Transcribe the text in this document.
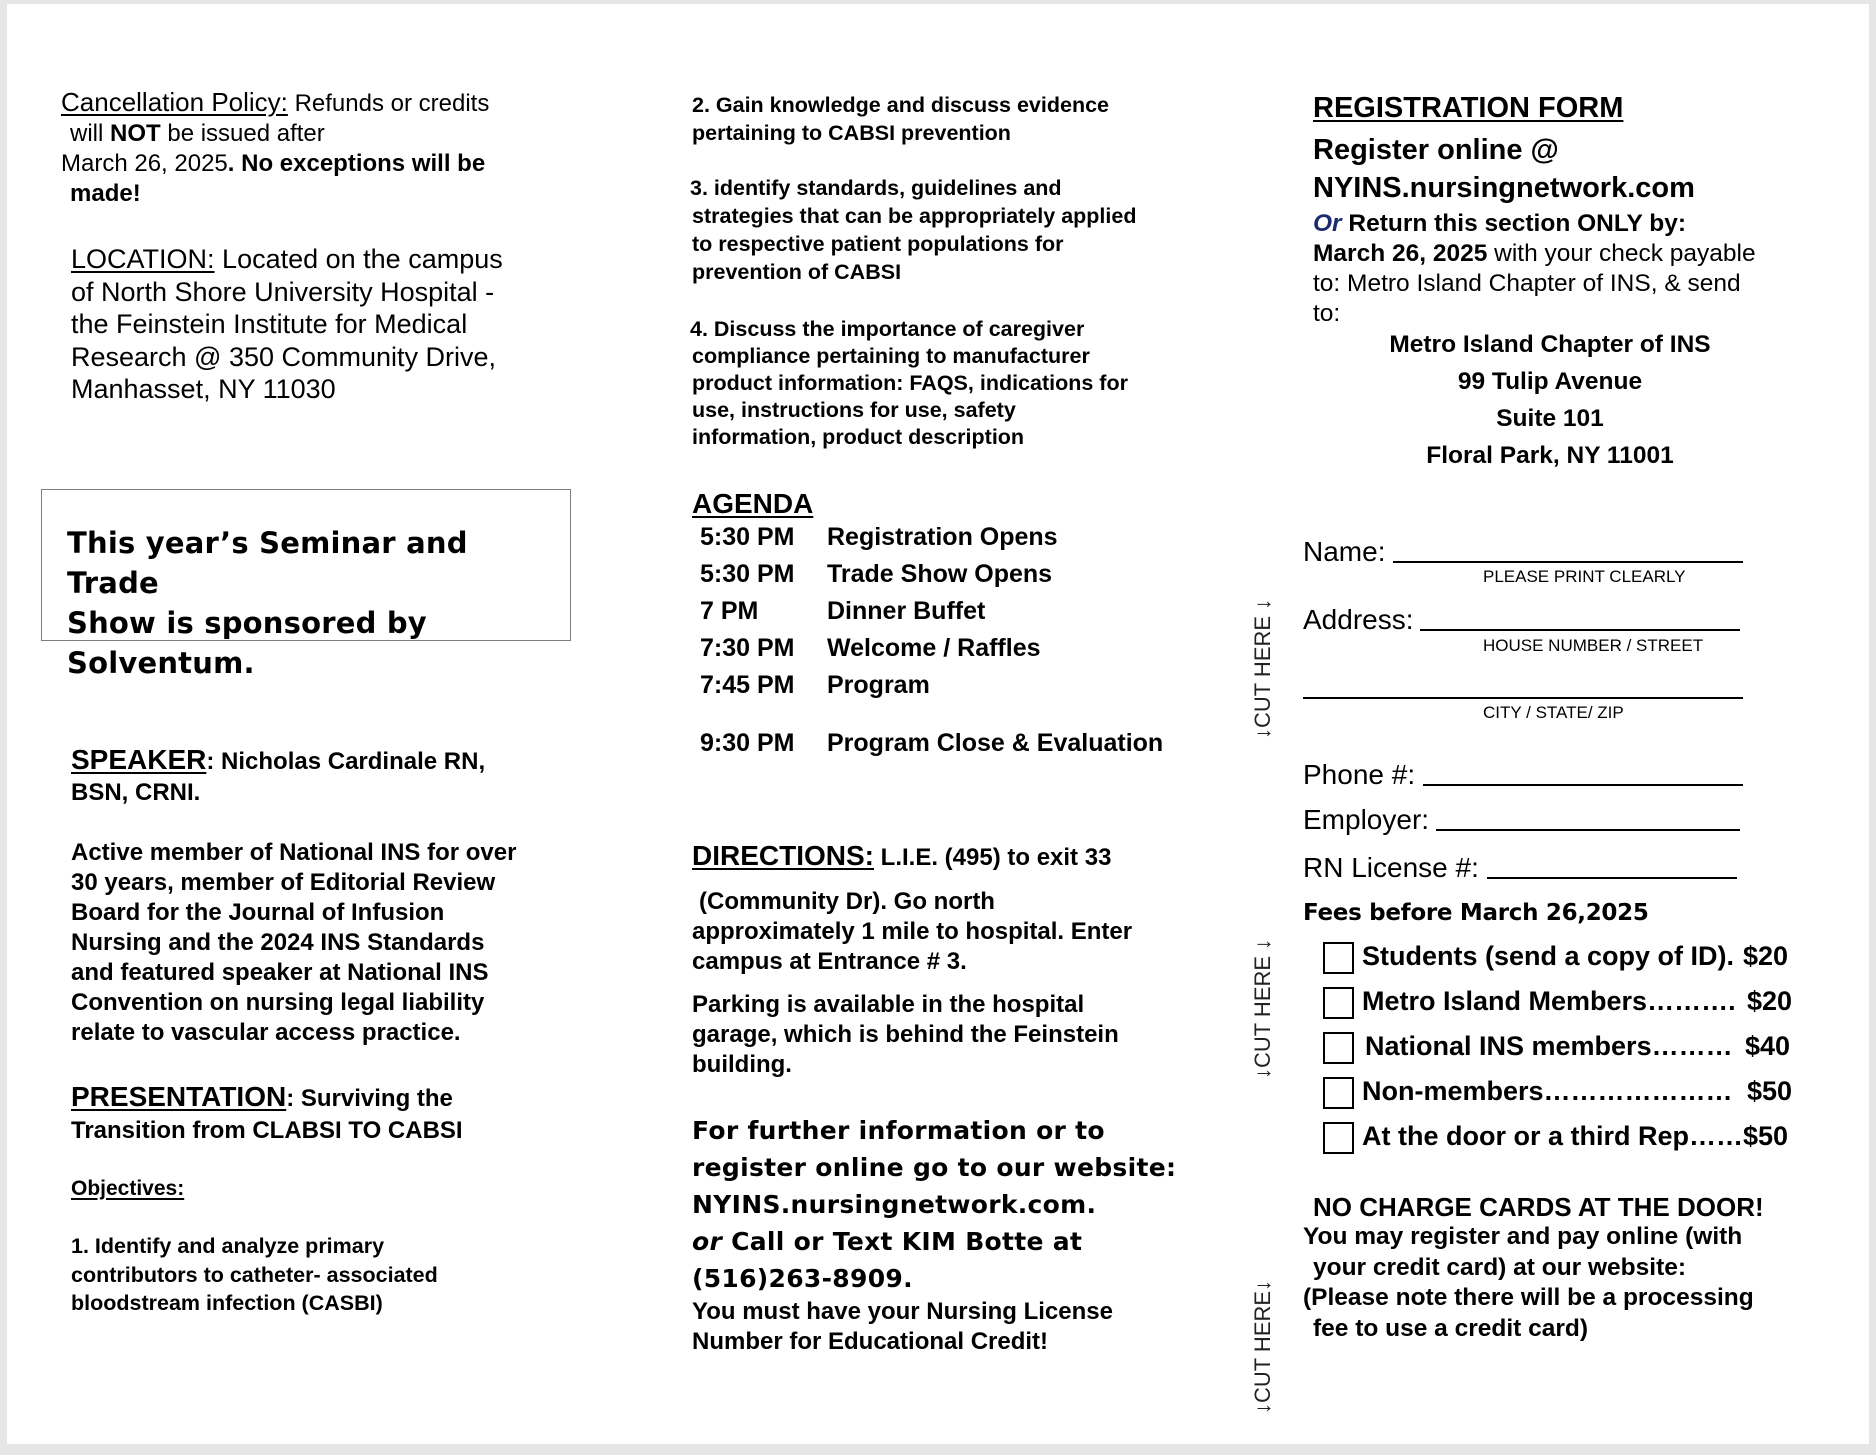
Cancellation Policy: Refunds or credits
will NOT be issued after
March 26, 2025. No exceptions will be
made!
LOCATION: Located on the campus
of North Shore University Hospital -
the Feinstein Institute for Medical
Research @ 350 Community Drive,
Manhasset, NY 11030
This year’s Seminar and Trade
Show is sponsored by
Solventum.
SPEAKER: Nicholas Cardinale RN,
BSN, CRNI.
Active member of National INS for over
30 years, member of Editorial Review
Board for the Journal of Infusion
Nursing and the 2024 INS Standards
and featured speaker at National INS
Convention on nursing legal liability
relate to vascular access practice.
PRESENTATION: Surviving the
Transition from CLABSI TO CABSI
Objectives:
1. Identify and analyze primary
contributors to catheter- associated
bloodstream infection (CASBI)
2. Gain knowledge and discuss evidence
pertaining to CABSI prevention
3. identify standards, guidelines and
strategies that can be appropriately applied
to respective patient populations for
prevention of CABSI
4. Discuss the importance of caregiver
compliance pertaining to manufacturer
product information: FAQS, indications for
use, instructions for use, safety
information, product description
AGENDA
5:30 PM Registration Opens
5:30 PM Trade Show Opens
7 PM	Dinner Buffet
7:30 PM Welcome / Raffles
7:45 PM Program
9:30 PM Program Close & Evaluation
DIRECTIONS: L.I.E. (495) to exit 33
(Community Dr). Go north
approximately 1 mile to hospital. Enter
campus at Entrance # 3.
Parking is available in the hospital
garage, which is behind the Feinstein
building.
For further information or to
register online go to our website:
NYINS.nursingnetwork.com.
or Call or Text KIM Botte at
(516)263-8909.
You must have your Nursing License
Number for Educational Credit!
↓CUT HERE ↓
↓CUT HERE ↓
↓CUT HERE↓
REGISTRATION FORM
Register online @
NYINS.nursingnetwork.com
Or Return this section ONLY by:
March 26, 2025 with your check payable
to: Metro Island Chapter of INS, & send
to:
Metro Island Chapter of INS
99 Tulip Avenue
Suite 101
Floral Park, NY 11001
Name:
PLEASE PRINT CLEARLY
Address:
HOUSE NUMBER / STREET
CITY / STATE/ ZIP
Phone #:
Employer:
RN License #:
Fees before March 26,2025
Students (send a copy of ID). $20
Metro Island Members………. $20
National INS members……… $40
Non-members………………… $50
At the door or a third Rep…… $50
NO CHARGE CARDS AT THE DOOR!
You may register and pay online (with
your credit card) at our website:
(Please note there will be a processing
fee to use a credit card)
